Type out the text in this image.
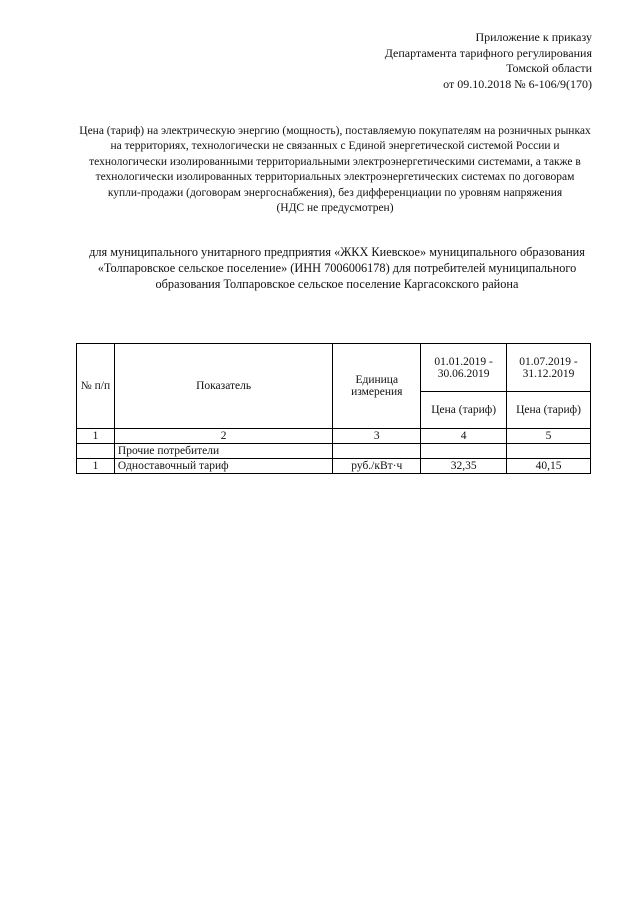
Приложение к приказу
Департамента тарифного регулирования
Томской области
от 09.10.2018 № 6-106/9(170)
Цена (тариф) на электрическую энергию (мощность), поставляемую покупателям на розничных рынках на территориях, технологически не связанных с Единой энергетической системой России и технологически изолированными территориальными электроэнергетическими системами, а также в технологически изолированных территориальных электроэнергетических системах по договорам купли-продажи (договорам энергоснабжения), без дифференциации по уровням напряжения
(НДС не предусмотрен)
для муниципального унитарного предприятия «ЖКХ Киевское» муниципального образования «Толпаровское сельское поселение» (ИНН 7006006178) для потребителей муниципального образования Толпаровское сельское поселение Каргасокского района
№ п/п	Показатель	Единица измерения	01.01.2019 - 30.06.2019	01.07.2019 - 31.12.2019
			Цена (тариф)	Цена (тариф)
1	2	3	4	5
	Прочие потребители			
1	Одноставочный тариф	руб./кВт·ч	32,35	40,15
